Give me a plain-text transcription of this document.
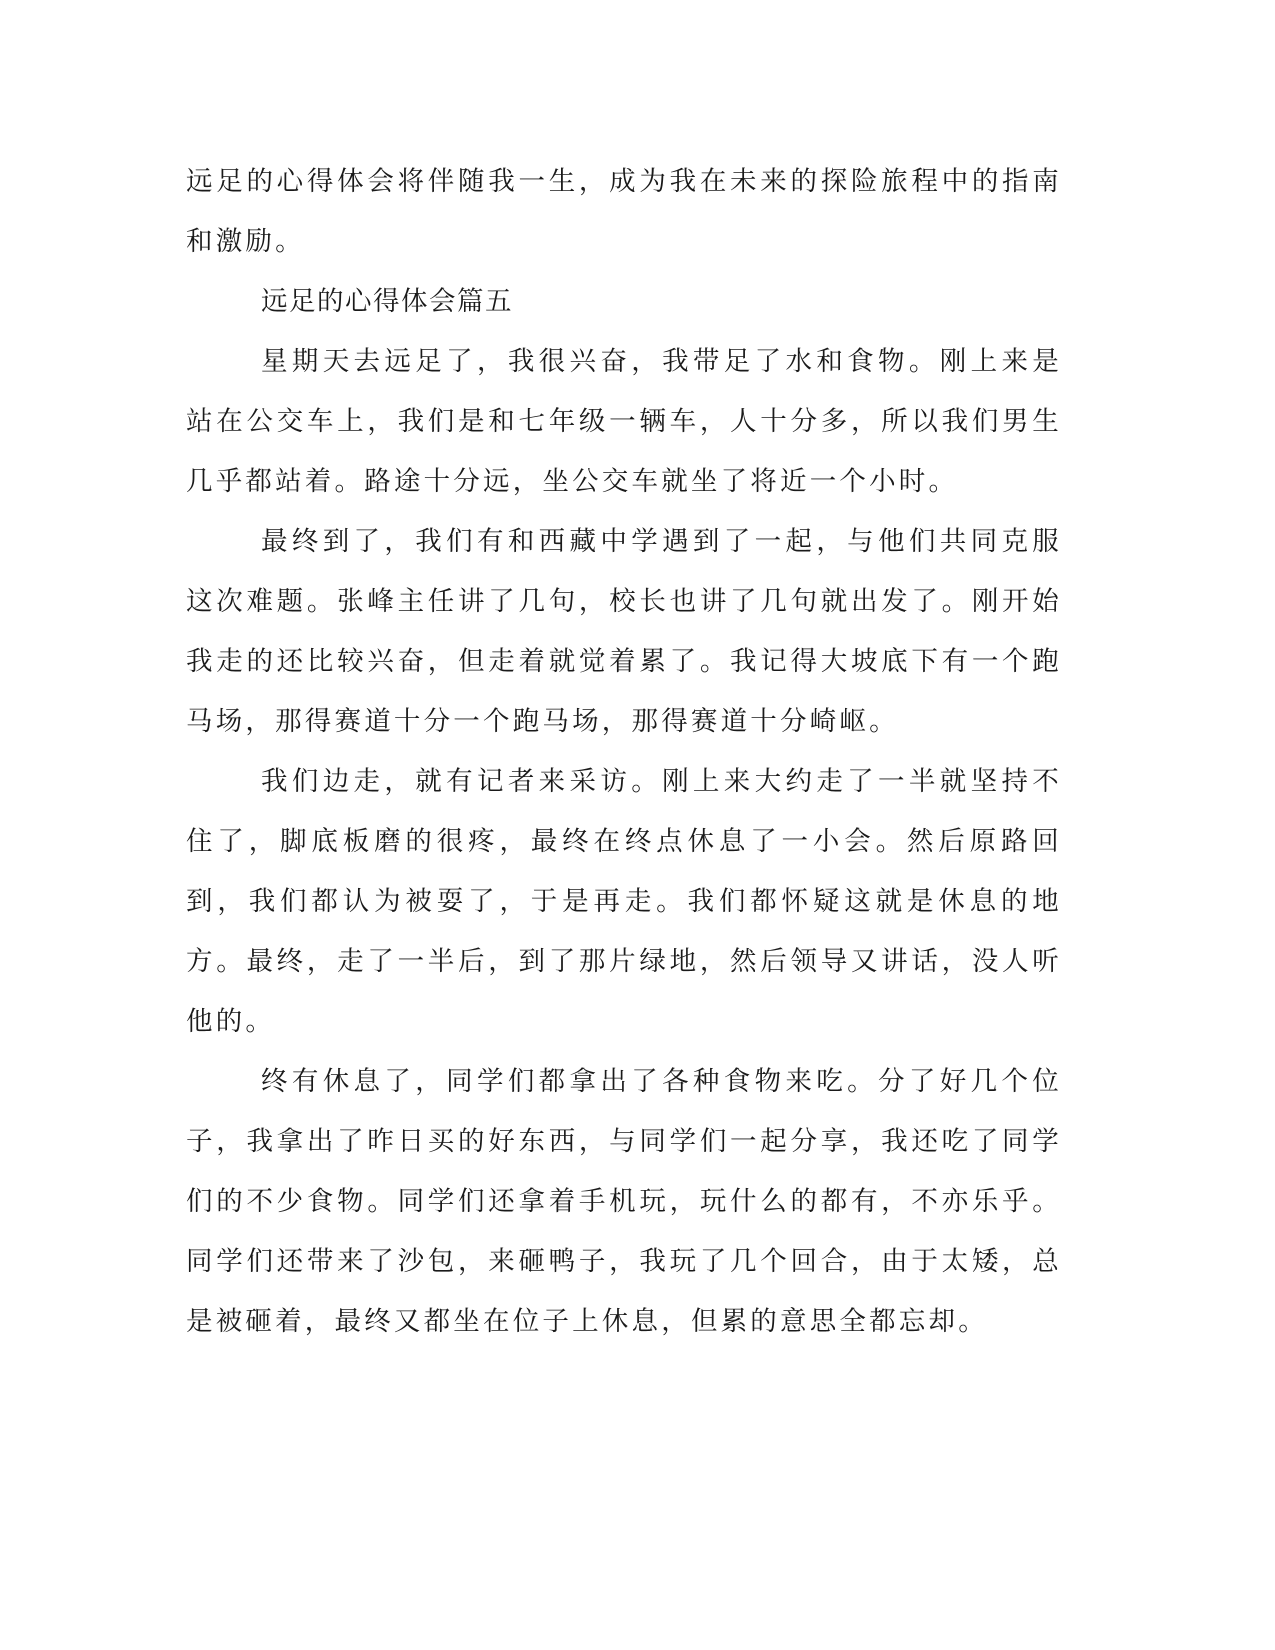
远足的心得体会将伴随我一生，成为我在未来的探险旅程中的指南和激励。

远足的心得体会篇五

星期天去远足了，我很兴奋，我带足了水和食物。刚上来是站在公交车上，我们是和七年级一辆车，人十分多，所以我们男生几乎都站着。路途十分远，坐公交车就坐了将近一个小时。

最终到了，我们有和西藏中学遇到了一起，与他们共同克服这次难题。张峰主任讲了几句，校长也讲了几句就出发了。刚开始我走的还比较兴奋，但走着就觉着累了。我记得大坡底下有一个跑马场，那得赛道十分一个跑马场，那得赛道十分崎岖。

我们边走，就有记者来采访。刚上来大约走了一半就坚持不住了，脚底板磨的很疼，最终在终点休息了一小会。然后原路回到，我们都认为被耍了，于是再走。我们都怀疑这就是休息的地方。最终，走了一半后，到了那片绿地，然后领导又讲话，没人听他的。

终有休息了，同学们都拿出了各种食物来吃。分了好几个位子，我拿出了昨日买的好东西，与同学们一起分享，我还吃了同学们的不少食物。同学们还拿着手机玩，玩什么的都有，不亦乐乎。同学们还带来了沙包，来砸鸭子，我玩了几个回合，由于太矮，总是被砸着，最终又都坐在位子上休息，但累的意思全都忘却。
